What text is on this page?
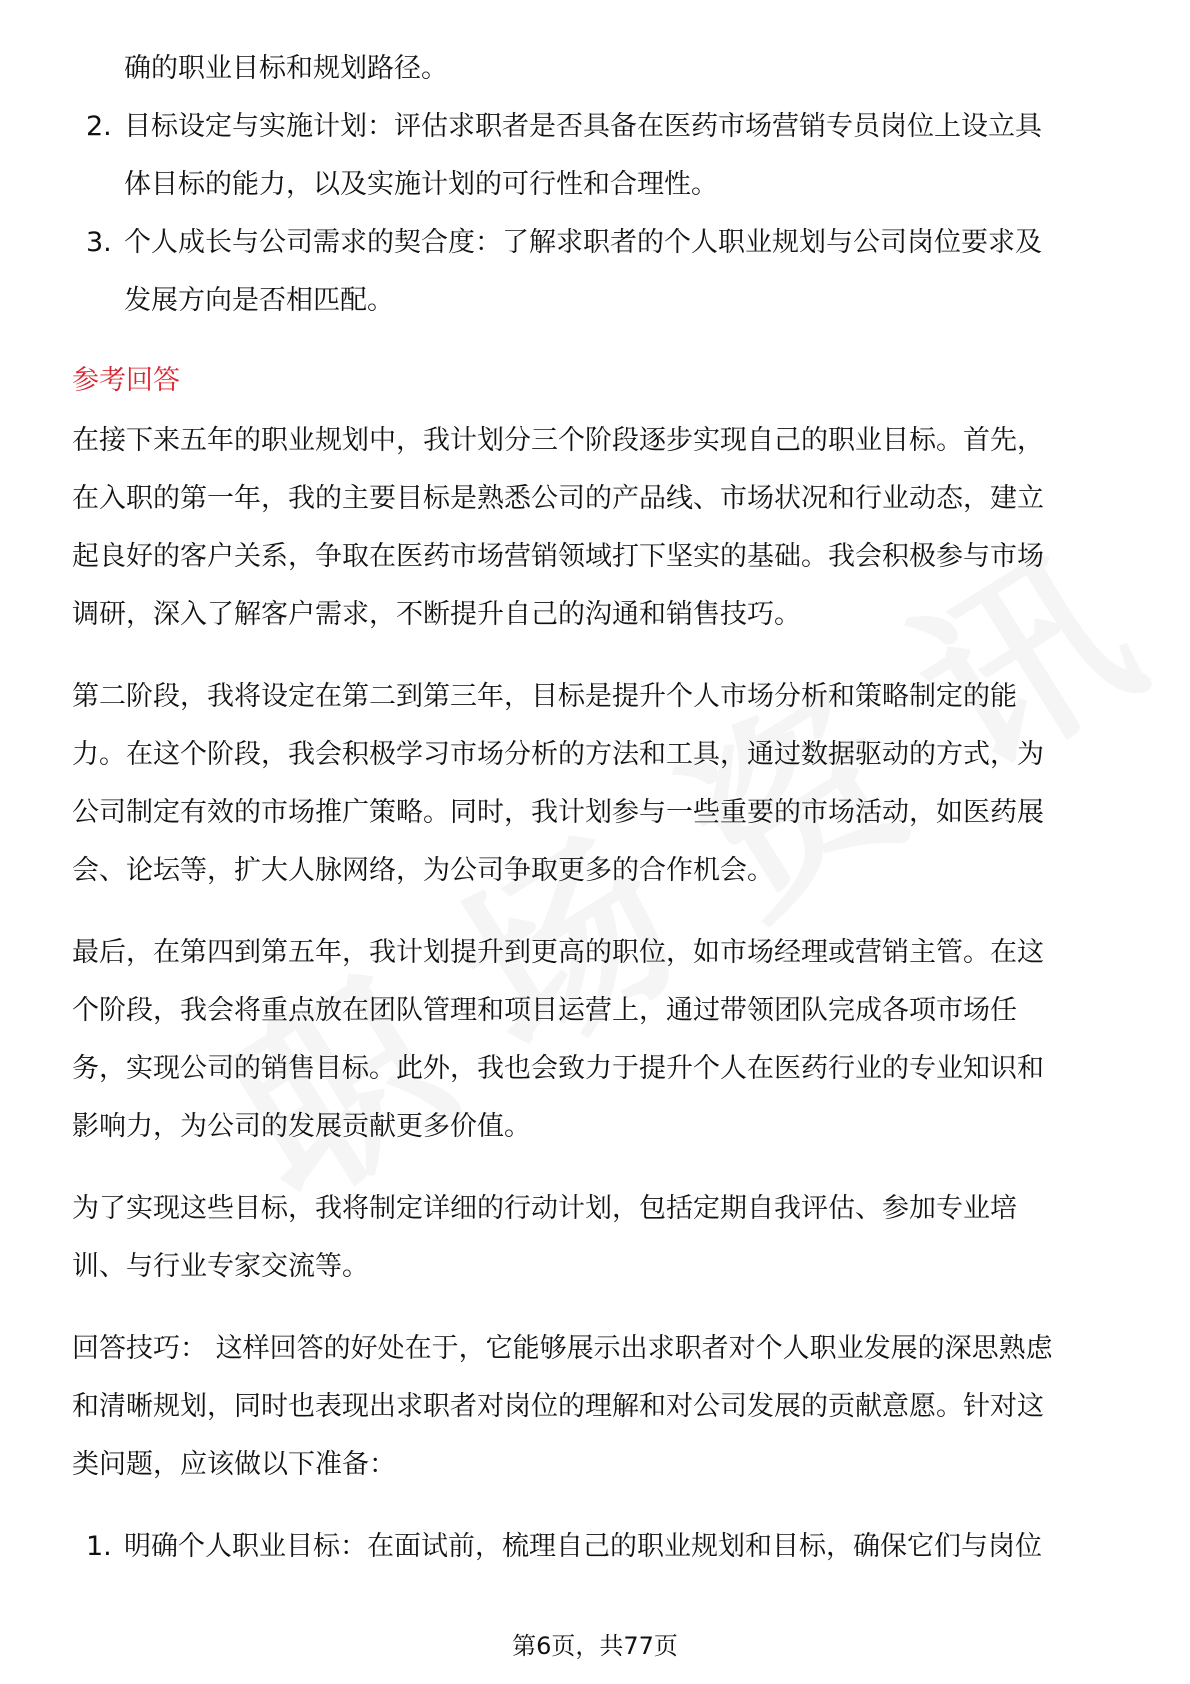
确的职业目标和规划路径。
2. 目标设定与实施计划：评估求职者是否具备在医药市场营销专员岗位上设立具
体目标的能力，以及实施计划的可行性和合理性。
3. 个人成长与公司需求的契合度：了解求职者的个人职业规划与公司岗位要求及
发展方向是否相匹配。
参考回答
在接下来五年的职业规划中，我计划分三个阶段逐步实现自己的职业目标。首先，
在入职的第一年，我的主要目标是熟悉公司的产品线、市场状况和行业动态，建立
起良好的客户关系，争取在医药市场营销领域打下坚实的基础。我会积极参与市场
调研，深入了解客户需求，不断提升自己的沟通和销售技巧。
第二阶段，我将设定在第二到第三年，目标是提升个人市场分析和策略制定的能
力。在这个阶段，我会积极学习市场分析的方法和工具，通过数据驱动的方式，为
公司制定有效的市场推广策略。同时，我计划参与一些重要的市场活动，如医药展
会、论坛等，扩大人脉网络，为公司争取更多的合作机会。
最后，在第四到第五年，我计划提升到更高的职位，如市场经理或营销主管。在这
个阶段，我会将重点放在团队管理和项目运营上，通过带领团队完成各项市场任
务，实现公司的销售目标。此外，我也会致力于提升个人在医药行业的专业知识和
影响力，为公司的发展贡献更多价值。
为了实现这些目标，我将制定详细的行动计划，包括定期自我评估、参加专业培
训、与行业专家交流等。
回答技巧： 这样回答的好处在于，它能够展示出求职者对个人职业发展的深思熟虑
和清晰规划，同时也表现出求职者对岗位的理解和对公司发展的贡献意愿。针对这
类问题，应该做以下准备：
1. 明确个人职业目标：在面试前，梳理自己的职业规划和目标，确保它们与岗位
第6页，共77页
